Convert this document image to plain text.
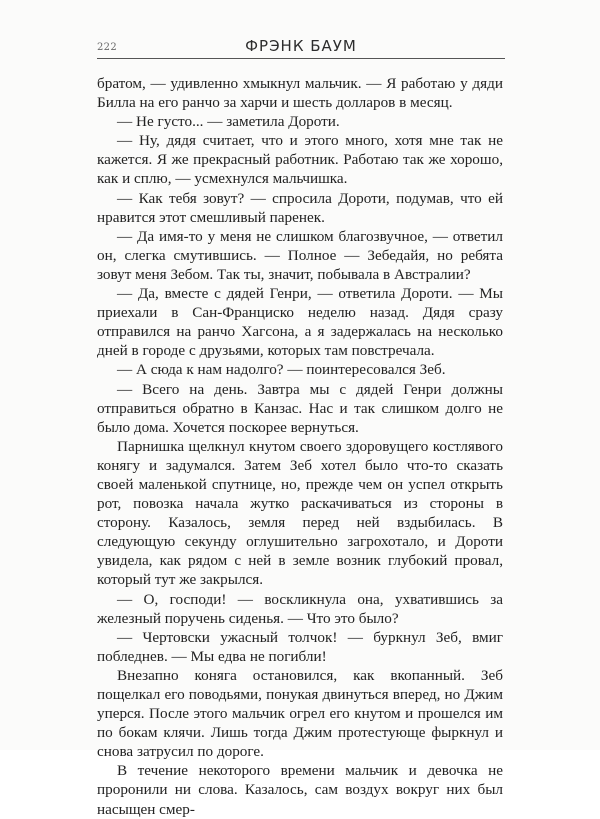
222	ФРЭНК БАУМ

братом, — удивленно хмыкнул мальчик. — Я работаю у дяди Билла на его ранчо за харчи и шесть долларов в месяц.

— Не густо... — заметила Дороти.

— Ну, дядя считает, что и этого много, хотя мне так не кажется. Я же прекрасный работник. Работаю так же хорошо, как и сплю, — усмехнулся мальчишка.

— Как тебя зовут? — спросила Дороти, подумав, что ей нравится этот смешливый паренек.

— Да имя-то у меня не слишком благозвучное, — ответил он, слегка смутившись. — Полное — Зебедайя, но ребята зовут меня Зебом. Так ты, значит, побывала в Австралии?

— Да, вместе с дядей Генри, — ответила Дороти. — Мы приехали в Сан-Франциско неделю назад. Дядя сразу отправился на ранчо Хагсона, а я задержалась на несколько дней в городе с друзьями, которых там повстречала.

— А сюда к нам надолго? — поинтересовался Зеб.

— Всего на день. Завтра мы с дядей Генри должны отправиться обратно в Канзас. Нас и так слишком долго не было дома. Хочется поскорее вернуться.

Парнишка щелкнул кнутом своего здоровущего костлявого конягу и задумался. Затем Зеб хотел было что-то сказать своей маленькой спутнице, но, прежде чем он успел открыть рот, повозка начала жутко раскачиваться из стороны в сторону. Казалось, земля перед ней вздыбилась. В следующую секунду оглушительно загрохотало, и Дороти увидела, как рядом с ней в земле возник глубокий провал, который тут же закрылся.

— О, господи! — воскликнула она, ухватившись за железный поручень сиденья. — Что это было?

— Чертовски ужасный толчок! — буркнул Зеб, вмиг побледнев. — Мы едва не погибли!

Внезапно коняга остановился, как вкопанный. Зеб пощелкал его поводьями, понукая двинуться вперед, но Джим уперся. После этого мальчик огрел его кнутом и прошелся им по бокам клячи. Лишь тогда Джим протестующе фыркнул и снова затрусил по дороге.

В течение некоторого времени мальчик и девочка не проронили ни слова. Казалось, сам воздух вокруг них был насыщен смер-
